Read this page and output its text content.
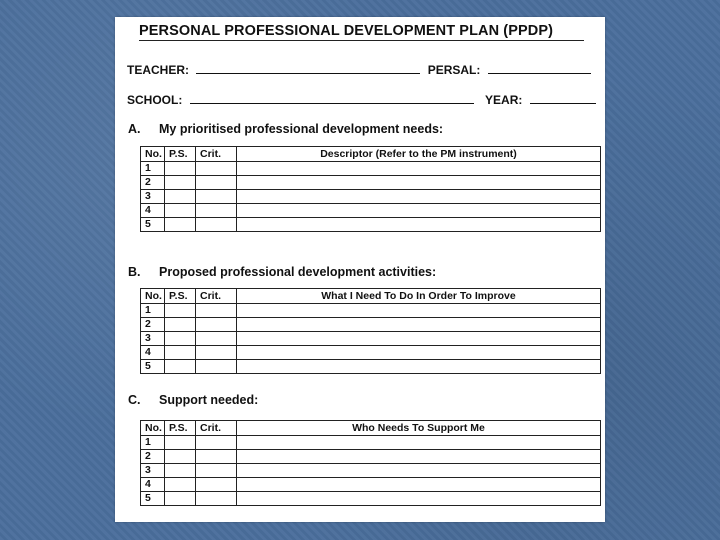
PERSONAL PROFESSIONAL DEVELOPMENT PLAN (PPDP)
TEACHER:	PERSAL:
SCHOOL:	YEAR:
A. My prioritised professional development needs:
No.	P.S.	Crit.	Descriptor (Refer to the PM instrument)
1			
2			
3			
4			
5			
B. Proposed professional development activities:
No.	P.S.	Crit.	What I Need To Do In Order To Improve
1			
2			
3			
4			
5			
C. Support needed:
No.	P.S.	Crit.	Who Needs To Support Me
1			
2			
3			
4			
5			
